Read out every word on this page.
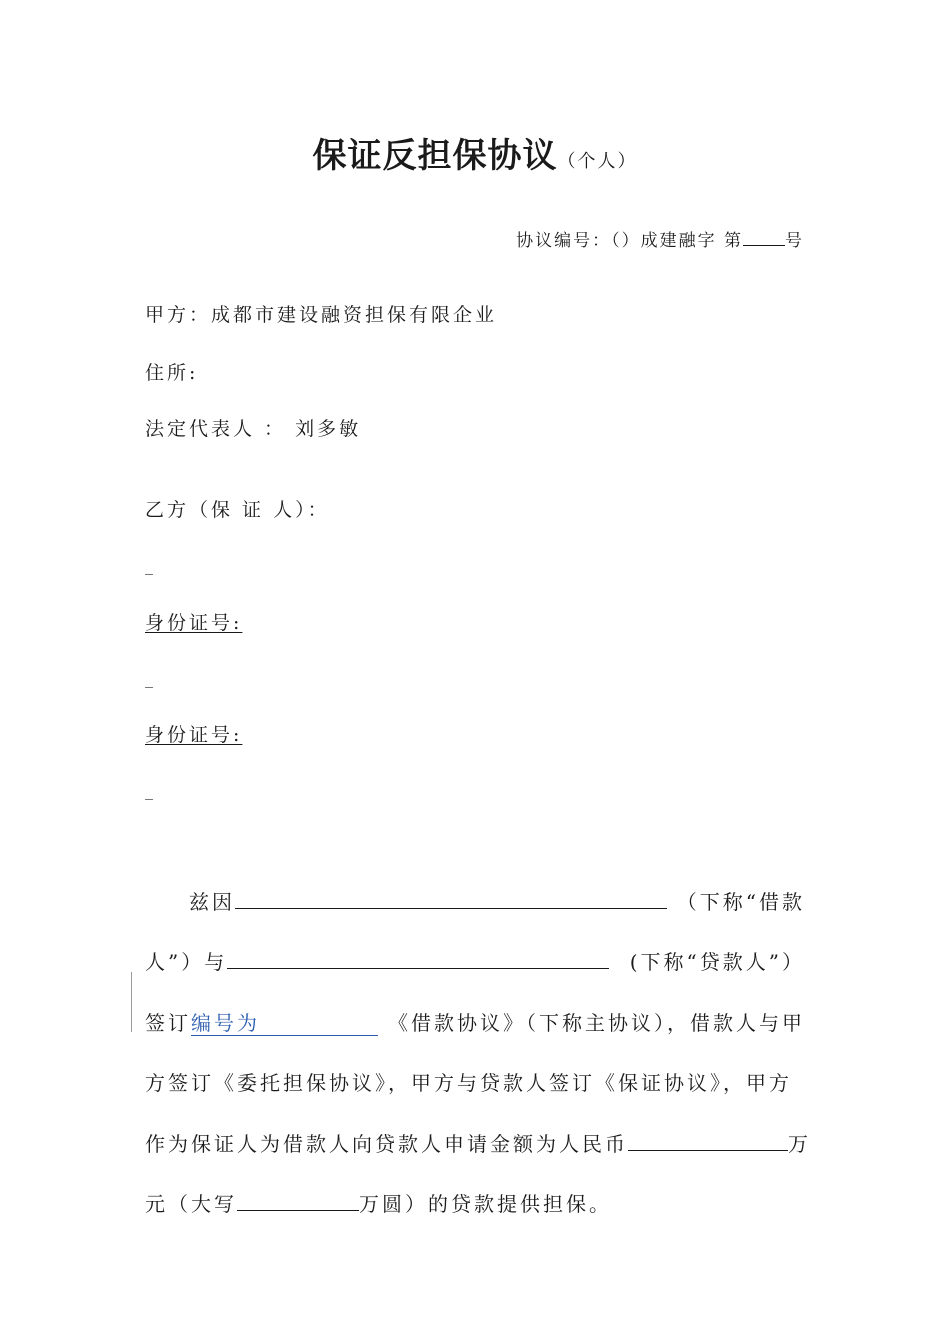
保证反担保协议（个人）
协议编号：（）成建融字 第 号
甲方：成都市建设融资担保有限企业
住所:
法定代表人 ： 刘多敏
乙方（保 证 人）：
_
身份证号:
_
身份证号:
_
兹因	（下称“借款
人”）与	(下称“贷款人”）
签订编号为	《借款协议》（下称主协议），借款人与甲
方签订《委托担保协议》，甲方与贷款人签订《保证协议》，甲方
作为保证人为借款人向贷款人申请金额为人民币	万
元（大写	万圆）的贷款提供担保。
